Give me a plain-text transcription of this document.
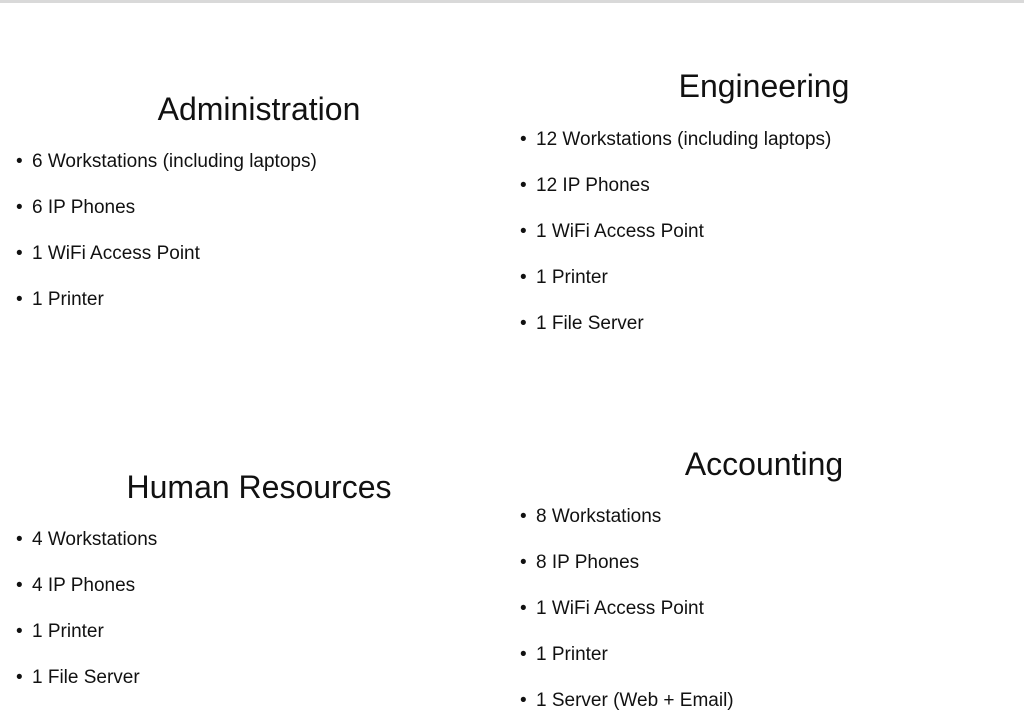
Administration
• 6 Workstations (including laptops)
• 6 IP Phones
• 1 WiFi Access Point
• 1 Printer
Engineering
• 12 Workstations (including laptops)
• 12 IP Phones
• 1 WiFi Access Point
• 1 Printer
• 1 File Server
Human Resources
• 4 Workstations
• 4 IP Phones
• 1 Printer
• 1 File Server
Accounting
• 8 Workstations
• 8 IP Phones
• 1 WiFi Access Point
• 1 Printer
• 1 Server (Web + Email)
